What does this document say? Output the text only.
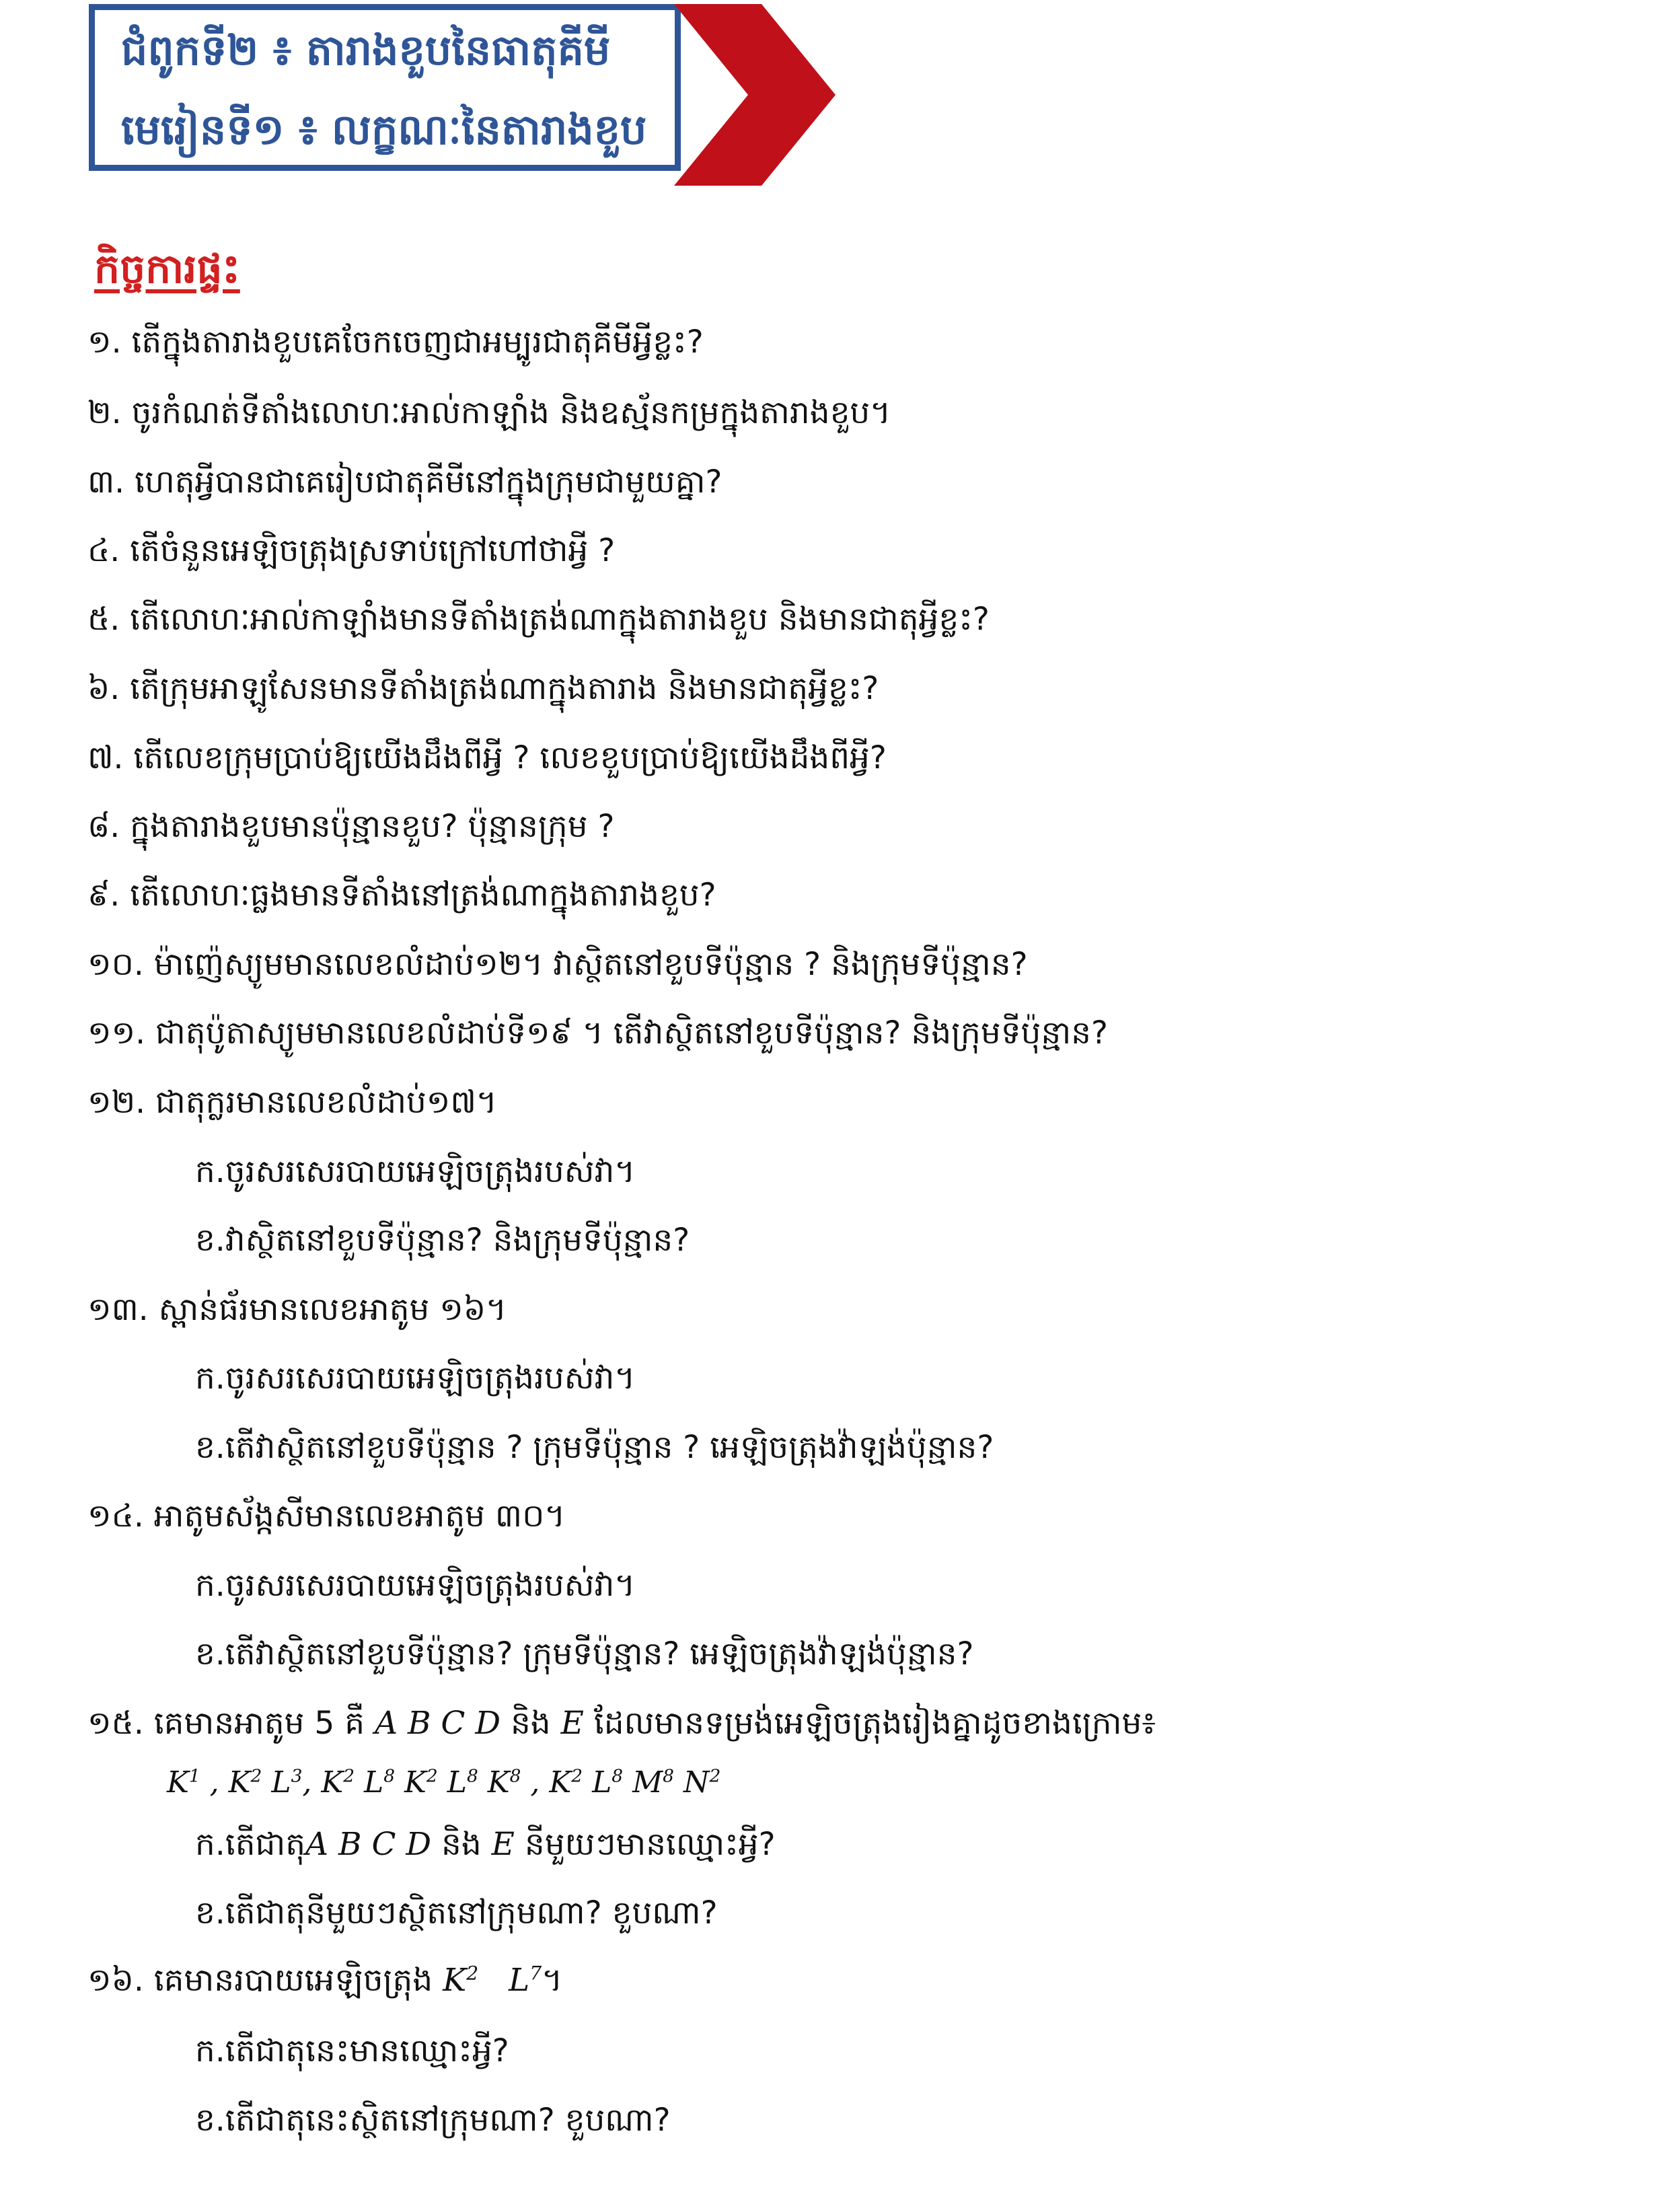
ជំពូកទី២ ៖ តារាងខួបនៃធាតុគីមី
មេរៀនទី១ ៖ លក្ខណៈនៃតារាងខួប
កិច្ចការផ្ទះ
១. តើក្នុងតារាងខួបគេចែកចេញជាអម្បូរជាតុគីមីអ្វីខ្លះ?
២. ចូរកំណត់ទីតាំងលោហៈអាល់កាឡាំង និងឧស្ម័នកម្រក្នុងតារាងខួប។
៣. ហេតុអ្វីបានជាគេរៀបជាតុគីមីនៅក្នុងក្រុមជាមួយគ្នា?
៤. តើចំនួនអេឡិចត្រុងស្រទាប់ក្រៅហៅថាអ្វី ?
៥. តើលោហៈអាល់កាឡាំងមានទីតាំងត្រង់ណាក្នុងតារាងខួប និងមានជាតុអ្វីខ្លះ?
៦. តើក្រុមអាឡូសែនមានទីតាំងត្រង់ណាក្នុងតារាង និងមានជាតុអ្វីខ្លះ?
៧. តើលេខក្រុមប្រាប់ឱ្យយើងដឹងពីអ្វី ? លេខខួបប្រាប់ឱ្យយើងដឹងពីអ្វី?
៨. ក្នុងតារាងខួបមានប៉ុន្មានខួប? ប៉ុន្មានក្រុម ?
៩. តើលោហៈធ្លងមានទីតាំងនៅត្រង់ណាក្នុងតារាងខួប?
១០. ម៉ាញ៉េស្យូមមានលេខលំដាប់១២។ វាស្ថិតនៅខួបទីប៉ុន្មាន ? និងក្រុមទីប៉ុន្មាន?
១១. ជាតុប៉ូតាស្យូមមានលេខលំដាប់ទី១៩ ។ តើវាស្ថិតនៅខួបទីប៉ុន្មាន? និងក្រុមទីប៉ុន្មាន?
១២. ជាតុក្លរមានលេខលំដាប់១៧។
ក.ចូរសរសេរបាយអេឡិចត្រុងរបស់វា។
ខ.វាស្ថិតនៅខួបទីប៉ុន្មាន? និងក្រុមទីប៉ុន្មាន?
១៣. ស្ពាន់ធ័រមានលេខអាតូម ១៦។
ក.ចូរសរសេរបាយអេឡិចត្រុងរបស់វា។
ខ.តើវាស្ថិតនៅខួបទីប៉ុន្មាន ? ក្រុមទីប៉ុន្មាន ? អេឡិចត្រុងវ៉ាឡង់ប៉ុន្មាន?
១៤. អាតូមស័ង្កសីមានលេខអាតូម ៣០។
ក.ចូរសរសេរបាយអេឡិចត្រុងរបស់វា។
ខ.តើវាស្ថិតនៅខួបទីប៉ុន្មាន? ក្រុមទីប៉ុន្មាន? អេឡិចត្រុងវ៉ាឡង់ប៉ុន្មាន?
១៥. គេមានអាតូម 5 គឺ A B C D និង E ដែលមានទម្រង់អេឡិចត្រុងរៀងគ្នាដូចខាងក្រោម៖
$K^1$ , $K^2$ $L^3$, $K^2$ $L^8$ $K^2$ $L^8$ $K^8$ , $K^2$ $L^8$ $M^8$ $N^2$
ក.តើជាតុA B C D និង E នីមួយៗមានឈ្មោះអ្វី?
ខ.តើជាតុនីមួយៗស្ថិតនៅក្រុមណា? ខួបណា?
១៦. គេមានរបាយអេឡិចត្រុង $K^2$ $L^7$។
ក.តើជាតុនេះមានឈ្មោះអ្វី?
ខ.តើជាតុនេះស្ថិតនៅក្រុមណា? ខួបណា?
